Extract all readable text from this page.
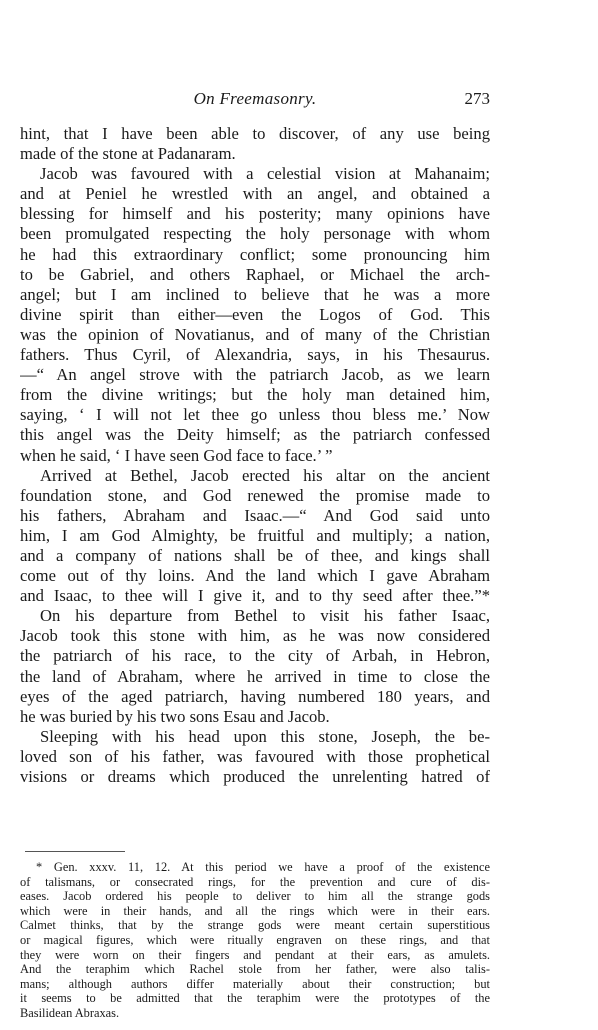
On Freemasonry.	273
hint, that I have been able to discover, of any use being
made of the stone at Padanaram.
Jacob was favoured with a celestial vision at Mahanaim;
and at Peniel he wrestled with an angel, and obtained a
blessing for himself and his posterity; many opinions have
been promulgated respecting the holy personage with whom
he had this extraordinary conflict; some pronouncing him
to be Gabriel, and others Raphael, or Michael the arch-
angel; but I am inclined to believe that he was a more
divine spirit than either—even the Logos of God. This
was the opinion of Novatianus, and of many of the Christian
fathers. Thus Cyril, of Alexandria, says, in his Thesaurus.
—“ An angel strove with the patriarch Jacob, as we learn
from the divine writings; but the holy man detained him,
saying, ‘ I will not let thee go unless thou bless me.’ Now
this angel was the Deity himself; as the patriarch confessed
when he said, ‘ I have seen God face to face.’ ”
Arrived at Bethel, Jacob erected his altar on the ancient
foundation stone, and God renewed the promise made to
his fathers, Abraham and Isaac.—“ And God said unto
him, I am God Almighty, be fruitful and multiply; a nation,
and a company of nations shall be of thee, and kings shall
come out of thy loins. And the land which I gave Abraham
and Isaac, to thee will I give it, and to thy seed after thee.”*
On his departure from Bethel to visit his father Isaac,
Jacob took this stone with him, as he was now considered
the patriarch of his race, to the city of Arbah, in Hebron,
the land of Abraham, where he arrived in time to close the
eyes of the aged patriarch, having numbered 180 years, and
he was buried by his two sons Esau and Jacob.
Sleeping with his head upon this stone, Joseph, the be-
loved son of his father, was favoured with those prophetical
visions or dreams which produced the unrelenting hatred of
* Gen. xxxv. 11, 12. At this period we have a proof of the existence
of talismans, or consecrated rings, for the prevention and cure of dis-
eases. Jacob ordered his people to deliver to him all the strange gods
which were in their hands, and all the rings which were in their ears.
Calmet thinks, that by the strange gods were meant certain superstitious
or magical figures, which were ritually engraven on these rings, and that
they were worn on their fingers and pendant at their ears, as amulets.
And the teraphim which Rachel stole from her father, were also talis-
mans; although authors differ materially about their construction; but
it seems to be admitted that the teraphim were the prototypes of the
Basilidean Abraxas.
